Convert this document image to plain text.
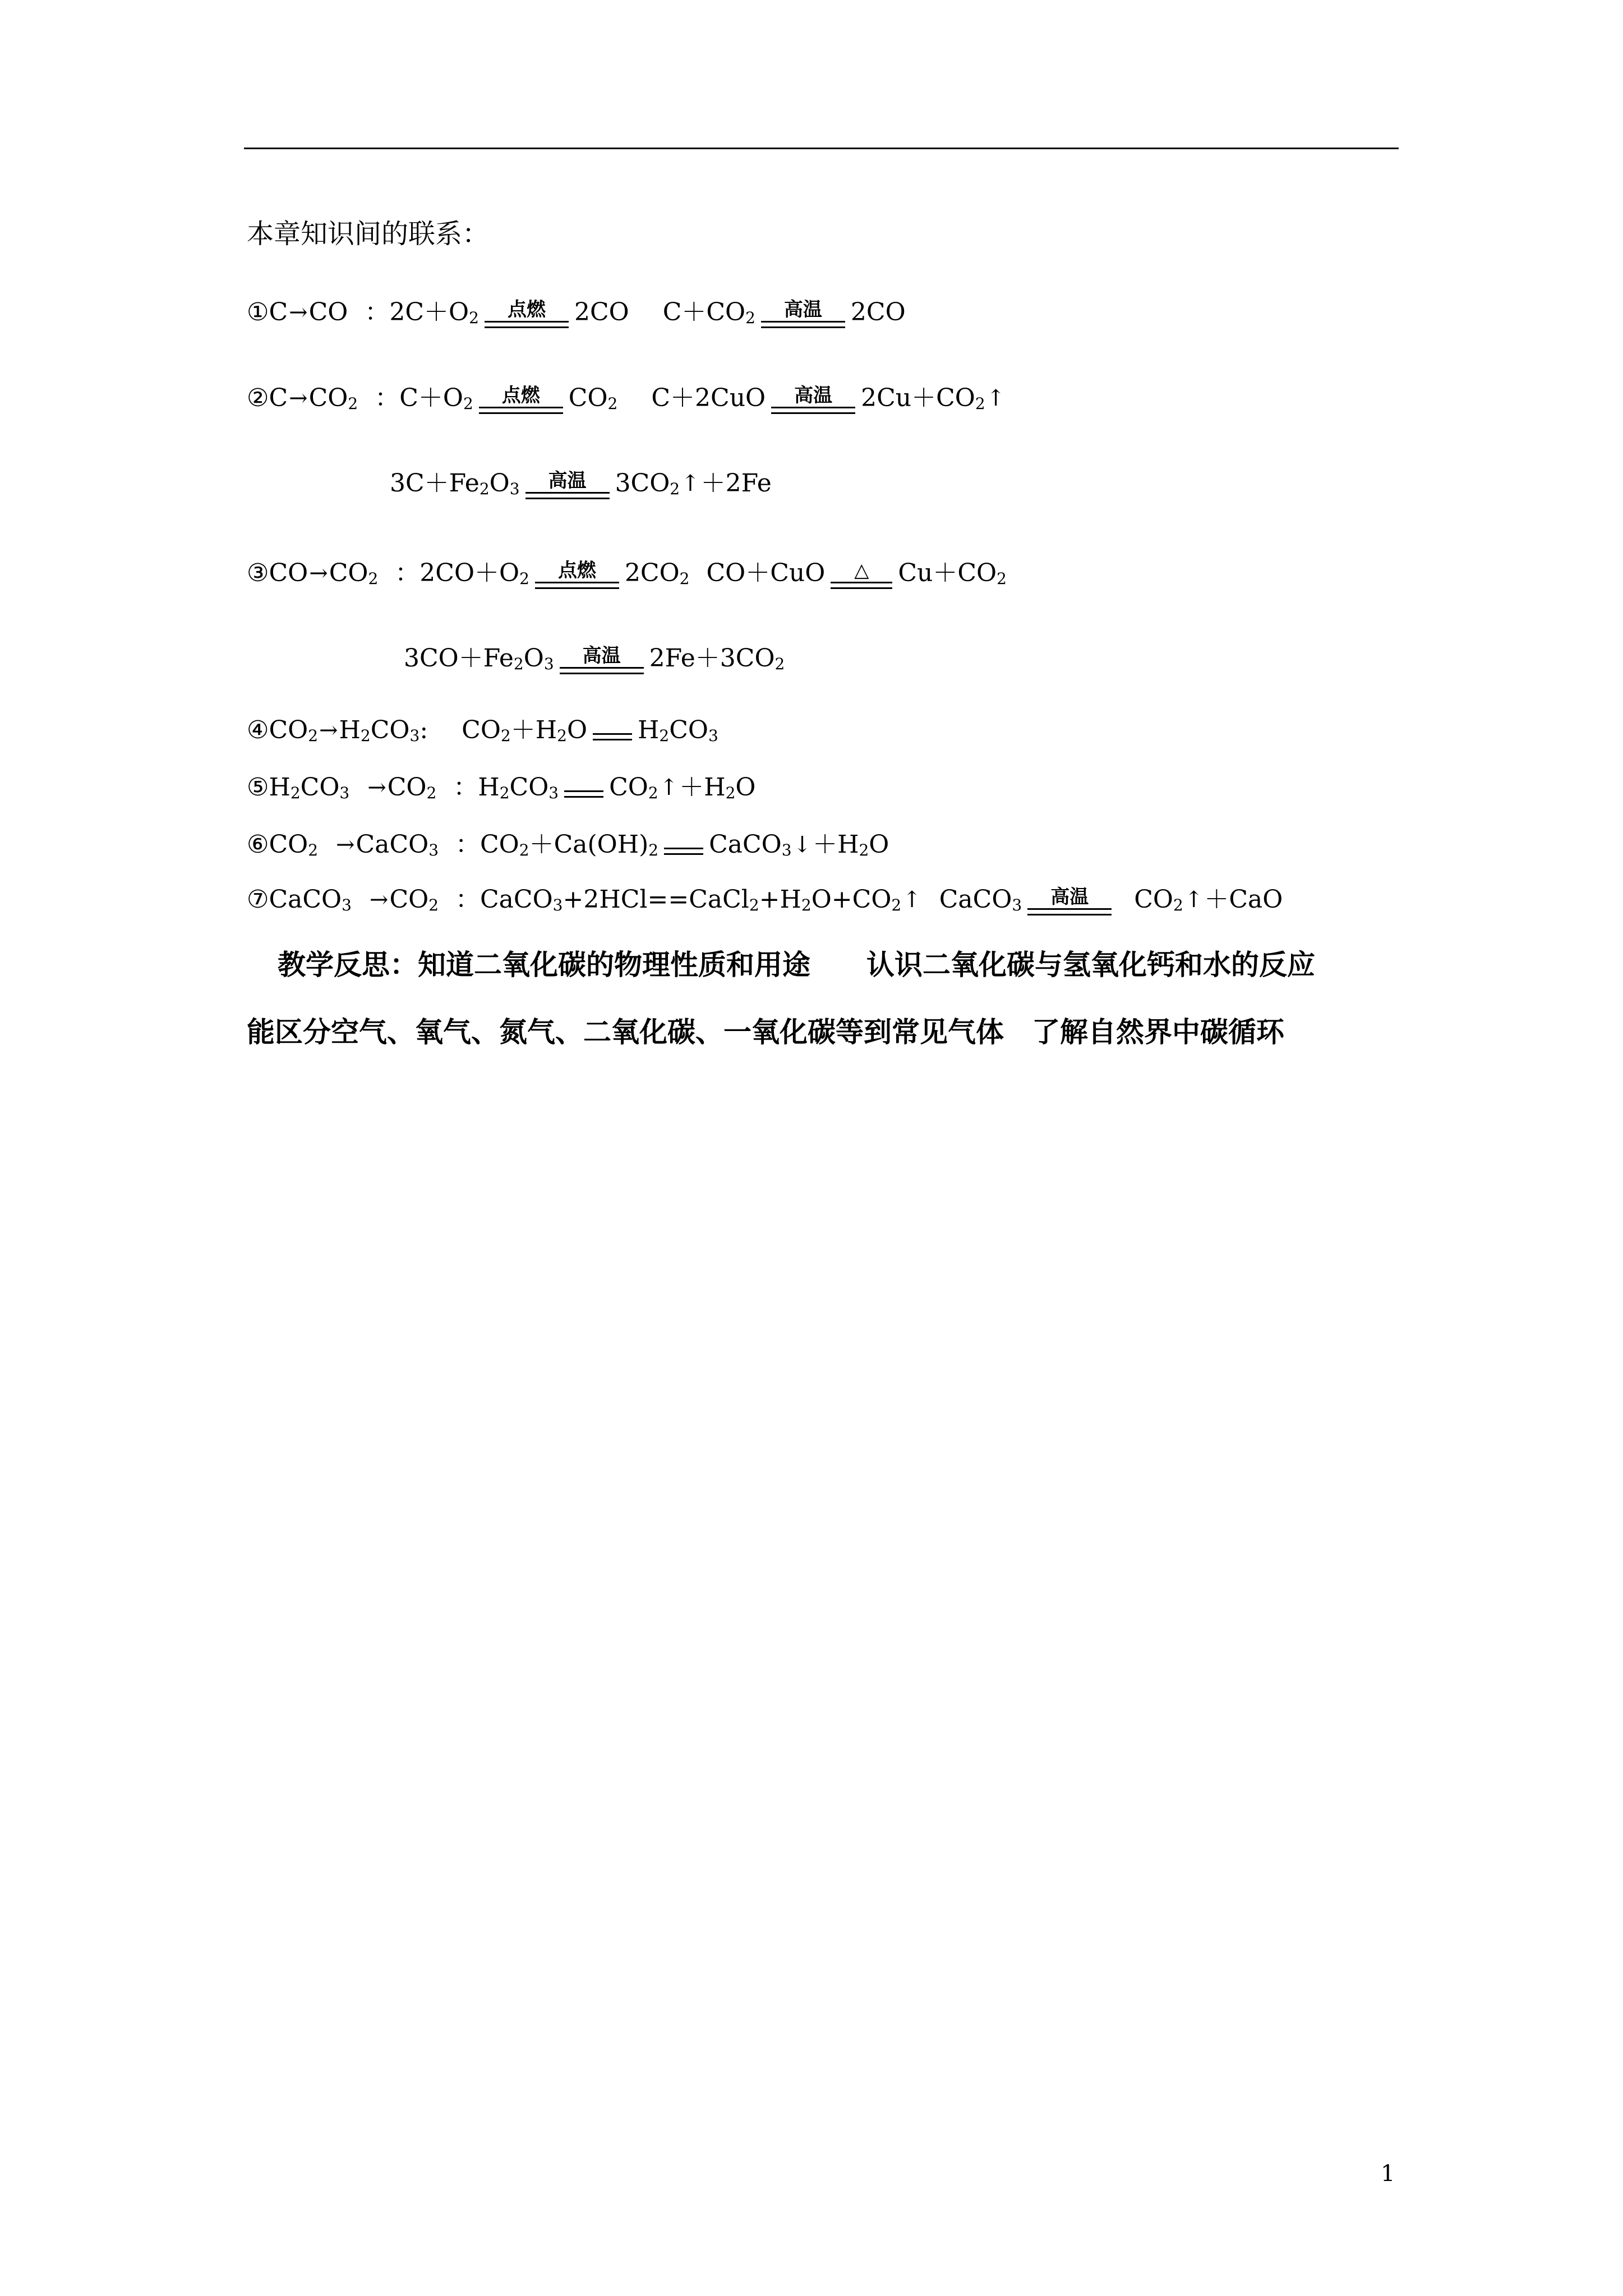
本章知识间的联系：
① C → CO ： 2C＋O 2 点燃 2CO C＋CO 2 高温 2CO
② C → CO 2 ： C＋O 2 点燃 CO 2 C＋2CuO 高温 2Cu＋CO 2 ↑
3C＋Fe 2 O 3 高温 3CO 2 ↑ ＋2Fe
③ CO → CO 2 ： 2CO＋O 2 点燃 2CO 2 CO＋CuO △ Cu＋CO 2
3CO＋Fe 2 O 3 高温 2Fe＋3CO 2
④ CO 2 → H 2 CO 3 : CO 2 ＋H 2 O H 2 CO 3
⑤ H 2 CO 3 → CO 2 ： H 2 CO 3 CO 2 ↑ ＋H 2 O
⑥ CO 2 → CaCO 3 ： CO 2 ＋Ca(OH) 2 CaCO 3 ↓ ＋H 2 O
⑦ CaCO 3 → CO 2 ： CaCO 3 +2HCl==CaCl 2 +H 2 O+CO 2 ↑ CaCO 3 高温 CO 2 ↑ ＋CaO
教学反思：知道二氧化碳的物理性质和用途　　认识二氧化碳与氢氧化钙和水的反应
能区分空气、氧气、氮气、二氧化碳、一氧化碳等到常见气体　了解自然界中碳循环
1
